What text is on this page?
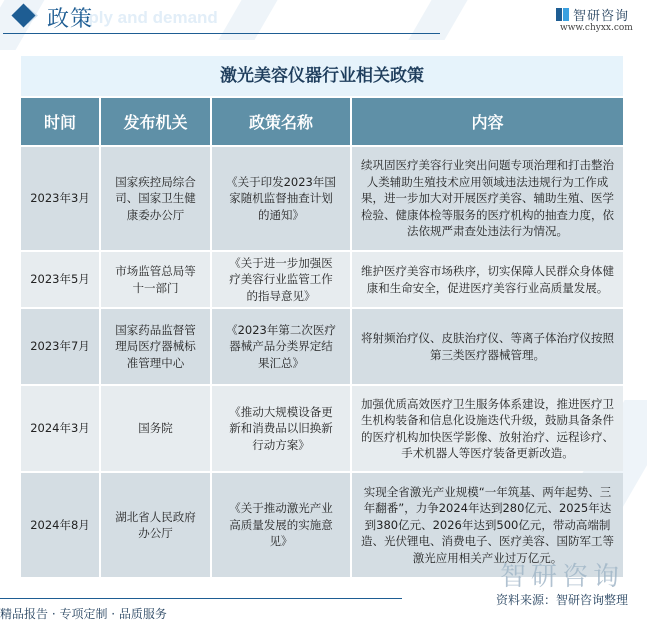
pply and demand
政策	智研咨询
www.chyxx.com
激光美容仪器行业相关政策
时间	发布机关	政策名称	内容
2023年3月	国家疾控局综合司、国家卫生健康委办公厅	《关于印发2023年国家随机监督抽查计划的通知》	续巩固医疗美容行业突出问题专项治理和打击整治人类辅助生殖技术应用领域违法违规行为工作成果，进一步加大对开展医疗美容、辅助生殖、医学检验、健康体检等服务的医疗机构的抽查力度，依法依规严肃查处违法行为情况。
2023年5月	市场监管总局等十一部门	《关于进一步加强医疗美容行业监管工作的指导意见》	维护医疗美容市场秩序，切实保障人民群众身体健康和生命安全，促进医疗美容行业高质量发展。
2023年7月	国家药品监督管理局医疗器械标准管理中心	《2023年第二次医疗器械产品分类界定结果汇总》	将射频治疗仪、皮肤治疗仪、等离子体治疗仪按照第三类医疗器械管理。
2024年3月	国务院	《推动大规模设备更新和消费品以旧换新行动方案》	加强优质高效医疗卫生服务体系建设，推进医疗卫生机构装备和信息化设施迭代升级，鼓励具备条件的医疗机构加快医学影像、放射治疗、远程诊疗、手术机器人等医疗装备更新改造。
2024年8月	湖北省人民政府办公厅	《关于推动激光产业高质量发展的实施意见》	实现全省激光产业规模“一年筑基、两年起势、三年翻番”，力争2024年达到280亿元、2025年达到380亿元、2026年达到500亿元，带动高端制造、光伏锂电、消费电子、医疗美容、国防军工等激光应用相关产业过万亿元。
智研咨询
精品报告 · 专项定制 · 品质服务
资料来源：智研咨询整理
